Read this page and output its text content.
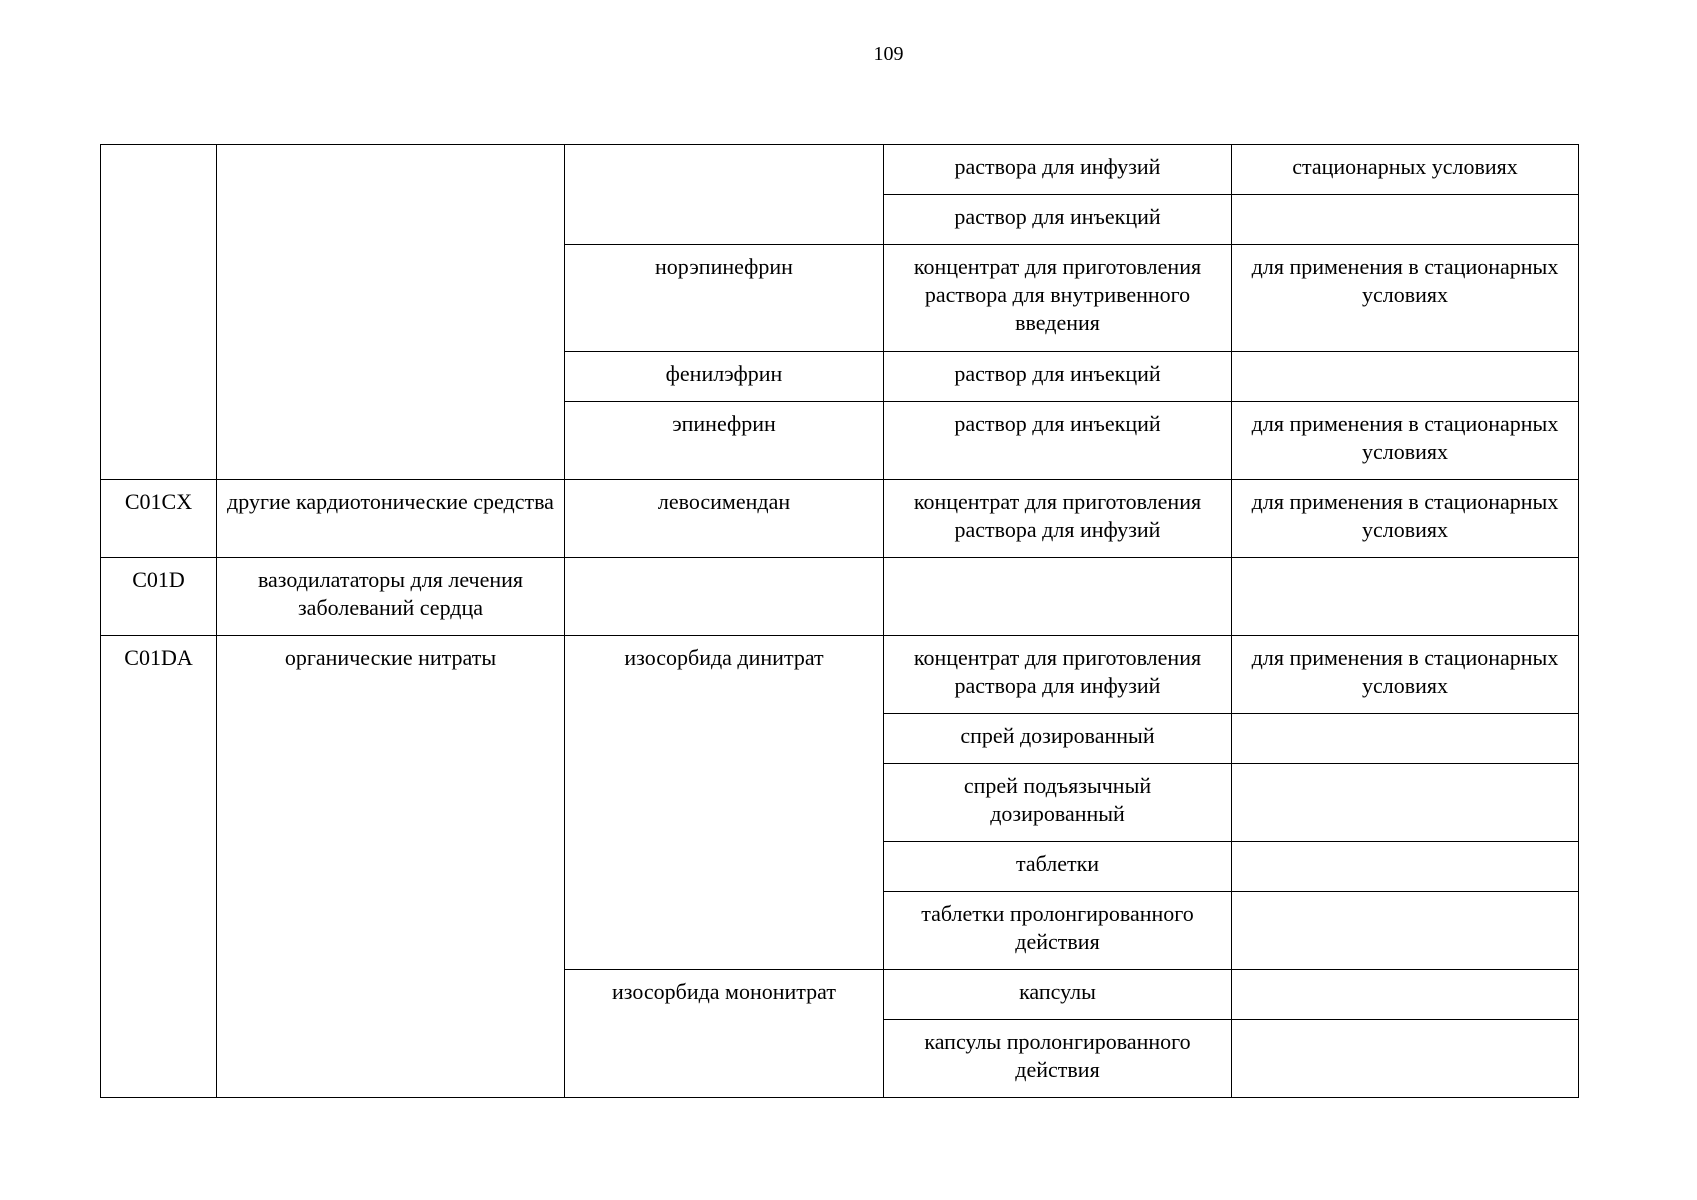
109
			раствора для инфузий	стационарных условиях
			раствор для инъекций	
		норэпинефрин	концентрат для приготовления раствора для внутривенного введения	для применения в стационарных условиях
		фенилэфрин	раствор для инъекций	
		эпинефрин	раствор для инъекций	для применения в стационарных условиях
C01CX	другие кардиотонические средства	левосимендан	концентрат для приготовления раствора для инфузий	для применения в стационарных условиях
C01D	вазодилататоры для лечения заболеваний сердца			
C01DA	органические нитраты	изосорбида динитрат	концентрат для приготовления раствора для инфузий	для применения в стационарных условиях
			спрей дозированный	
			спрей подъязычный дозированный	
			таблетки	
			таблетки пролонгированного действия	
		изосорбида мононитрат	капсулы	
			капсулы пролонгированного действия	
